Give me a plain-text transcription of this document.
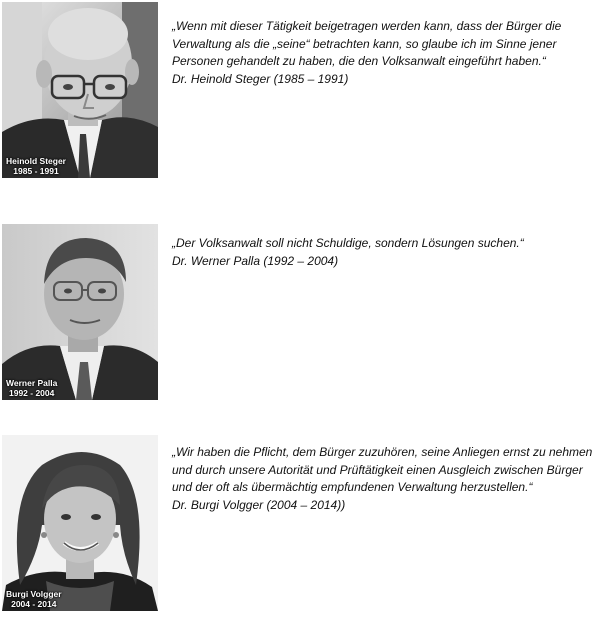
Heinold Steger
1985 - 1991
„Wenn mit dieser Tätigkeit beigetragen werden kann, dass der Bürger die Verwaltung als die „seine“ betrachten kann, so glaube ich im Sinne jener Personen gehandelt zu haben, die den Volksanwalt eingeführt haben.“
Dr. Heinold Steger (1985 – 1991)
Werner Palla
1992 - 2004
„Der Volksanwalt soll nicht Schuldige, sondern Lösungen suchen.“
Dr. Werner Palla (1992 – 2004)
Burgi Volgger
2004 - 2014
„Wir haben die Pflicht, dem Bürger zuzuhören, seine Anliegen ernst zu nehmen und durch unsere Autorität und Prüftätigkeit einen Ausgleich zwischen Bürger und der oft als übermächtig empfundenen Verwaltung herzustellen.“
Dr. Burgi Volgger (2004 – 2014))
